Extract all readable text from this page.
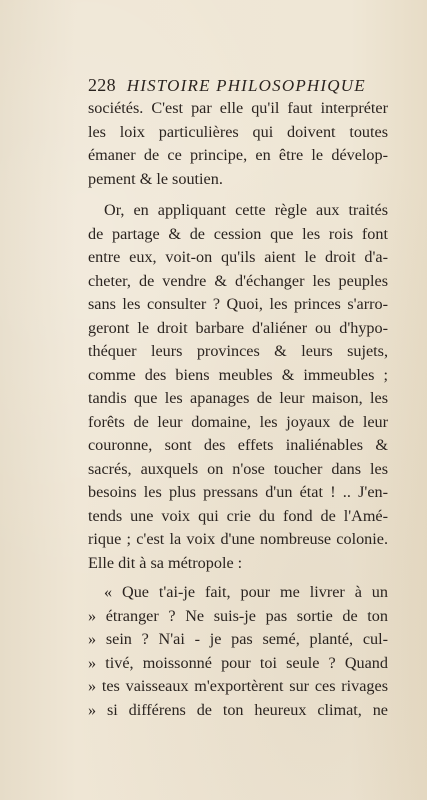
228 HISTOIRE PHILOSOPHIQUE
sociétés. C'est par elle qu'il faut interpréter
les loix particulières qui doivent toutes
émaner de ce principe, en être le dévelop-
pement & le soutien.
Or, en appliquant cette règle aux traités
de partage & de cession que les rois font
entre eux, voit-on qu'ils aient le droit d'a-
cheter, de vendre & d'échanger les peuples
sans les consulter ? Quoi, les princes s'arro-
geront le droit barbare d'aliéner ou d'hypo-
théquer leurs provinces & leurs sujets,
comme des biens meubles & immeubles ;
tandis que les apanages de leur maison, les
forêts de leur domaine, les joyaux de leur
couronne, sont des effets inaliénables &
sacrés, auxquels on n'ose toucher dans les
besoins les plus pressans d'un état ! .. J'en-
tends une voix qui crie du fond de l'Amé-
rique ; c'est la voix d'une nombreuse colonie.
Elle dit à sa métropole :
« Que t'ai-je fait, pour me livrer à un
» étranger ? Ne suis-je pas sortie de ton
» sein ? N'ai - je pas semé, planté, cul-
» tivé, moissonné pour toi seule ? Quand
» tes vaisseaux m'exportèrent sur ces rivages
» si différens de ton heureux climat, ne
